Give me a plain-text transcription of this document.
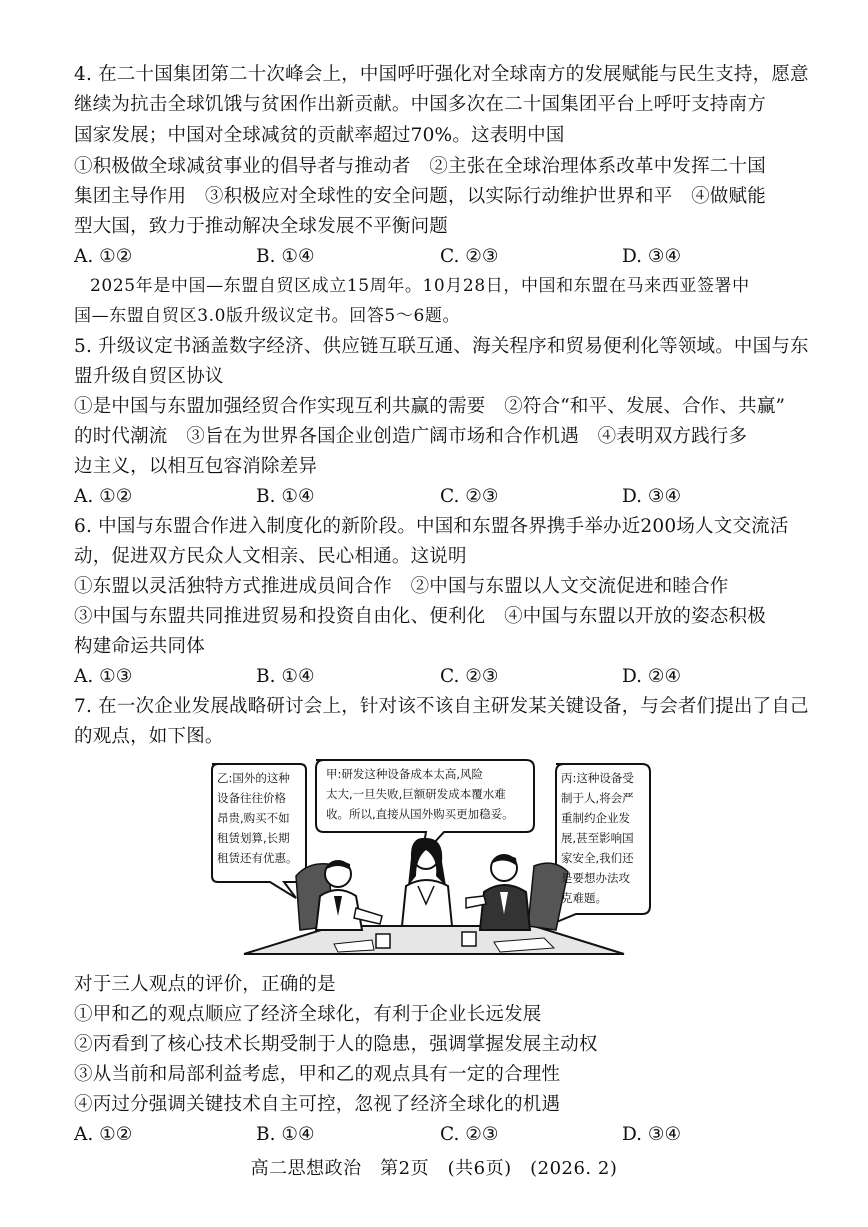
4. 在二十国集团第二十次峰会上，中国呼吁强化对全球南方的发展赋能与民生支持，愿意
继续为抗击全球饥饿与贫困作出新贡献。中国多次在二十国集团平台上呼吁支持南方
国家发展；中国对全球减贫的贡献率超过70%。这表明中国
①积极做全球减贫事业的倡导者与推动者　②主张在全球治理体系改革中发挥二十国
集团主导作用　③积极应对全球性的安全问题，以实际行动维护世界和平　④做赋能
型大国，致力于推动解决全球发展不平衡问题
A. ①②	B. ①④	C. ②③	D. ③④
2025年是中国—东盟自贸区成立15周年。10月28日，中国和东盟在马来西亚签署中
国—东盟自贸区3.0版升级议定书。回答5～6题。
5. 升级议定书涵盖数字经济、供应链互联互通、海关程序和贸易便利化等领域。中国与东
盟升级自贸区协议
①是中国与东盟加强经贸合作实现互利共赢的需要　②符合“和平、发展、合作、共赢”
的时代潮流　③旨在为世界各国企业创造广阔市场和合作机遇　④表明双方践行多
边主义，以相互包容消除差异
A. ①②	B. ①④	C. ②③	D. ③④
6. 中国与东盟合作进入制度化的新阶段。中国和东盟各界携手举办近200场人文交流活
动，促进双方民众人文相亲、民心相通。这说明
①东盟以灵活独特方式推进成员间合作　②中国与东盟以人文交流促进和睦合作
③中国与东盟共同推进贸易和投资自由化、便利化　④中国与东盟以开放的姿态积极
构建命运共同体
A. ①③	B. ①④	C. ②③	D. ②④
7. 在一次企业发展战略研讨会上，针对该不该自主研发某关键设备，与会者们提出了自己
的观点，如下图。
乙:国外的这种
设备往往价格
昂贵,购买不如
租赁划算,长期
租赁还有优惠。
甲:研发这种设备成本太高,风险
太大,一旦失败,巨额研发成本覆水难
收。所以,直接从国外购买更加稳妥。
丙:这种设备受
制于人,将会严
重制约企业发
展,甚至影响国
家安全,我们还
是要想办法攻
克难题。
对于三人观点的评价，正确的是
①甲和乙的观点顺应了经济全球化，有利于企业长远发展
②丙看到了核心技术长期受制于人的隐患，强调掌握发展主动权
③从当前和局部利益考虑，甲和乙的观点具有一定的合理性
④丙过分强调关键技术自主可控，忽视了经济全球化的机遇
A. ①②	B. ①④	C. ②③	D. ③④
高二思想政治　第2页　(共6页)　(2026. 2)
